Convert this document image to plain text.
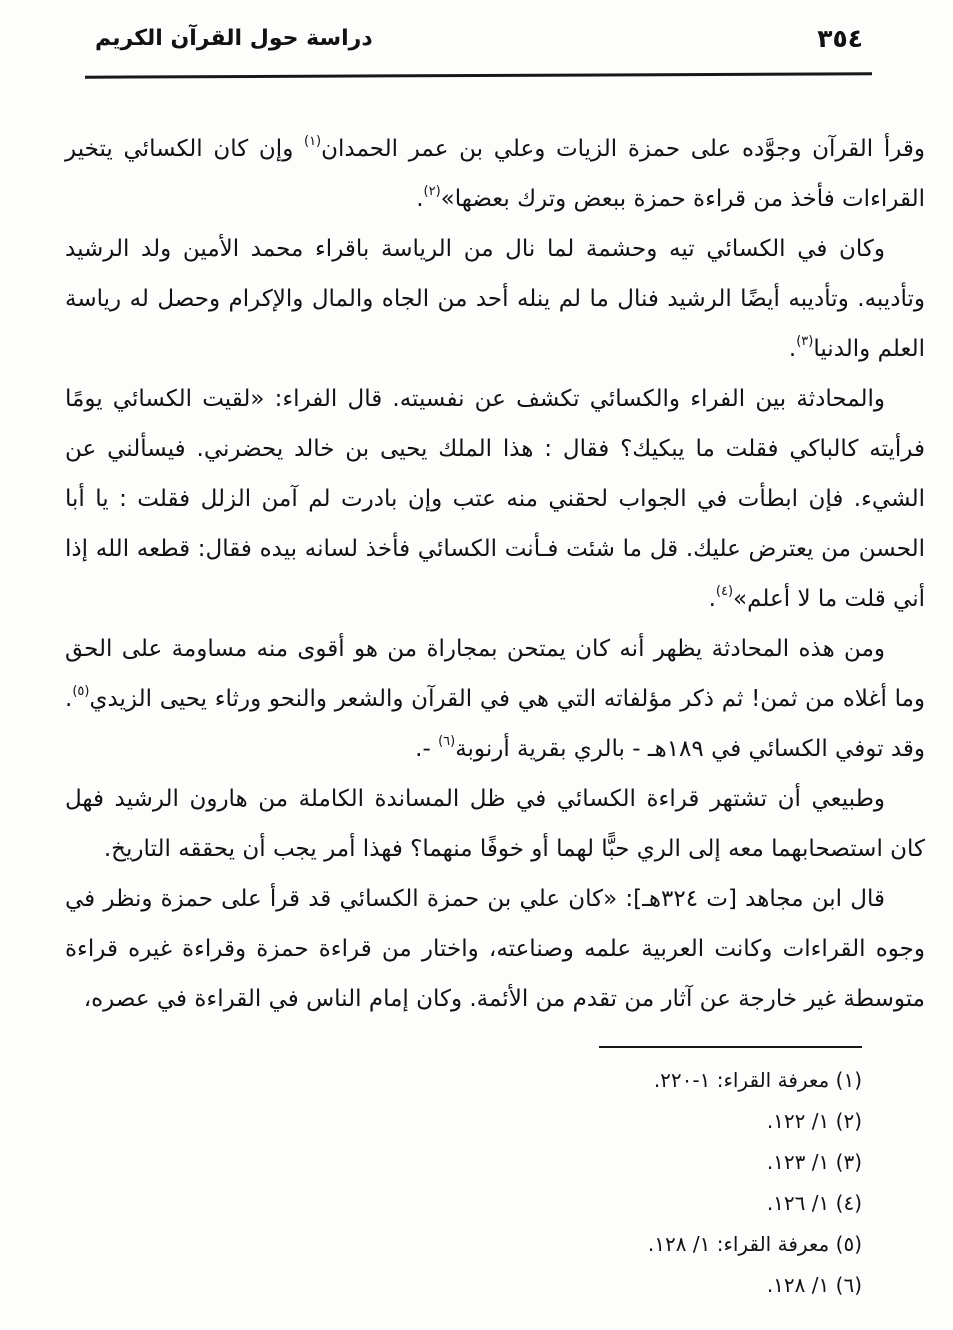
دراسة حول القرآن الكريم	٣٥٤

وقرأ القرآن وجوَّده على حمزة الزيات وعلي بن عمر الحمدان$^{(١)}$ وإن كان الكسائي يتخير القراءات فأخذ من قراءة حمزة ببعض وترك بعضها»$^{(٢)}$.

وكان في الكسائي تيه وحشمة لما نال من الرياسة باقراء محمد الأمين ولد الرشيد وتأديبه. وتأديبه أيضًا الرشيد فنال ما لم ينله أحد من الجاه والمال والإكرام وحصل له رياسة العلم والدنيا$^{(٣)}$.

والمحادثة بين الفراء والكسائي تكشف عن نفسيته. قال الفراء: «لقيت الكسائي يومًا فرأيته كالباكي فقلت ما يبكيك؟ فقال : هذا الملك يحيى بن خالد يحضرني. فيسألني عن الشيء. فإن ابطأت في الجواب لحقني منه عتب وإن بادرت لم آمن الزلل فقلت : يا أبا الحسن من يعترض عليك. قل ما شئت فـأنت الكسائي فأخذ لسانه بيده فقال: قطعه الله إذا أني قلت ما لا أعلم»$^{(٤)}$.

ومن هذه المحادثة يظهر أنه كان يمتحن بمجاراة من هو أقوى منه مساومة على الحق وما أغلاه من ثمن! ثم ذكر مؤلفاته التي هي في القرآن والشعر والنحو ورثاء يحيى الزيدي$^{(٥)}$. وقد توفي الكسائي في ١٨٩هـ - بالري بقرية أرنوبة$^{(٦)}$ -.

وطبيعي أن تشتهر قراءة الكسائي في ظل المساندة الكاملة من هارون الرشيد فهل كان استصحابهما معه إلى الري حبًّا لهما أو خوفًا منهما؟ فهذا أمر يجب أن يحققه التاريخ.

قال ابن مجاهد [ت ٣٢٤هـ]: «كان علي بن حمزة الكسائي قد قرأ على حمزة ونظر في وجوه القراءات وكانت العربية علمه وصناعته، واختار من قراءة حمزة وقراءة غيره قراءة متوسطة غير خارجة عن آثار من تقدم من الأئمة. وكان إمام الناس في القراءة في عصره،

(١) معرفة القراء: ١-٢٢٠.
(٢) ١/ ١٢٢.
(٣) ١/ ١٢٣.
(٤) ١/ ١٢٦.
(٥) معرفة القراء: ١/ ١٢٨.
(٦) ١/ ١٢٨.
